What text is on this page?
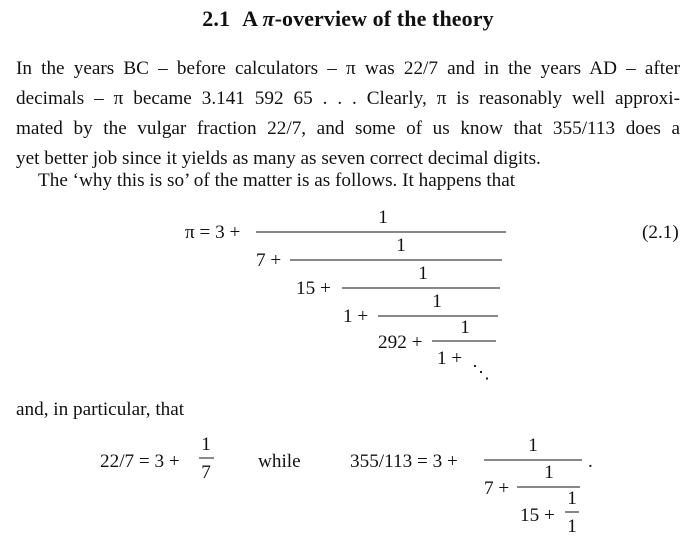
2.1 A π-overview of the theory
In the years BC – before calculators – π was 22/7 and in the years AD – after
decimals – π became 3.141 592 65 . . . Clearly, π is reasonably well approxi-
mated by the vulgar fraction 22/7, and some of us know that 355/113 does a
yet better job since it yields as many as seven correct decimal digits.
The ‘why this is so’ of the matter is as follows. It happens that
and, in particular, that
π = 3 +	(2.1)
1
7 +
1
15 +
1
1 +
1
292 +
1
1 +
⋱
22/7 = 3 +
1
7
while	355/113 = 3 +
1
.
7 +
1
15 +
1
1
